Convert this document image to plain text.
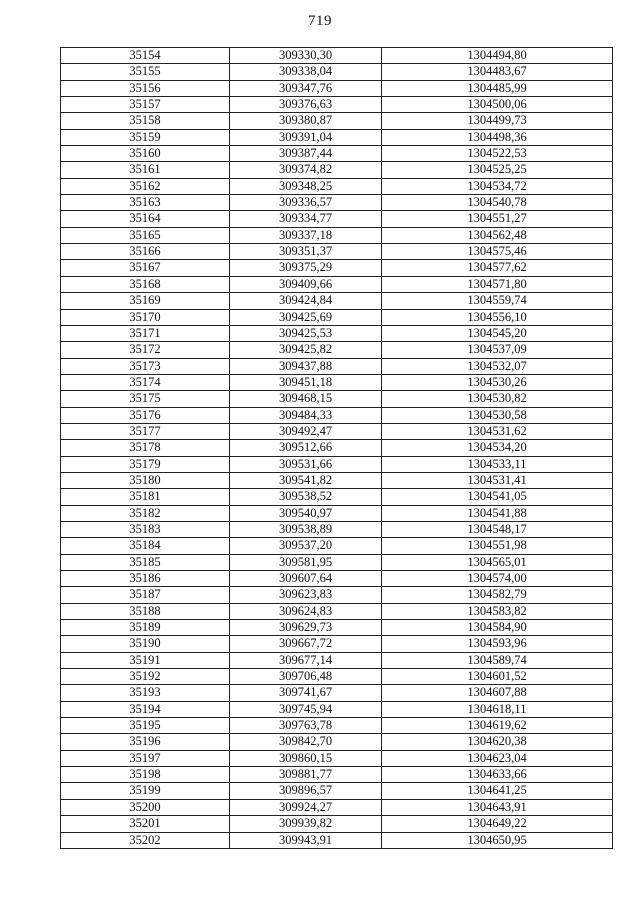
719
35154	309330,30	1304494,80
35155	309338,04	1304483,67
35156	309347,76	1304485,99
35157	309376,63	1304500,06
35158	309380,87	1304499,73
35159	309391,04	1304498,36
35160	309387,44	1304522,53
35161	309374,82	1304525,25
35162	309348,25	1304534,72
35163	309336,57	1304540,78
35164	309334,77	1304551,27
35165	309337,18	1304562,48
35166	309351,37	1304575,46
35167	309375,29	1304577,62
35168	309409,66	1304571,80
35169	309424,84	1304559,74
35170	309425,69	1304556,10
35171	309425,53	1304545,20
35172	309425,82	1304537,09
35173	309437,88	1304532,07
35174	309451,18	1304530,26
35175	309468,15	1304530,82
35176	309484,33	1304530,58
35177	309492,47	1304531,62
35178	309512,66	1304534,20
35179	309531,66	1304533,11
35180	309541,82	1304531,41
35181	309538,52	1304541,05
35182	309540,97	1304541,88
35183	309538,89	1304548,17
35184	309537,20	1304551,98
35185	309581,95	1304565,01
35186	309607,64	1304574,00
35187	309623,83	1304582,79
35188	309624,83	1304583,82
35189	309629,73	1304584,90
35190	309667,72	1304593,96
35191	309677,14	1304589,74
35192	309706,48	1304601,52
35193	309741,67	1304607,88
35194	309745,94	1304618,11
35195	309763,78	1304619,62
35196	309842,70	1304620,38
35197	309860,15	1304623,04
35198	309881,77	1304633,66
35199	309896,57	1304641,25
35200	309924,27	1304643,91
35201	309939,82	1304649,22
35202	309943,91	1304650,95
